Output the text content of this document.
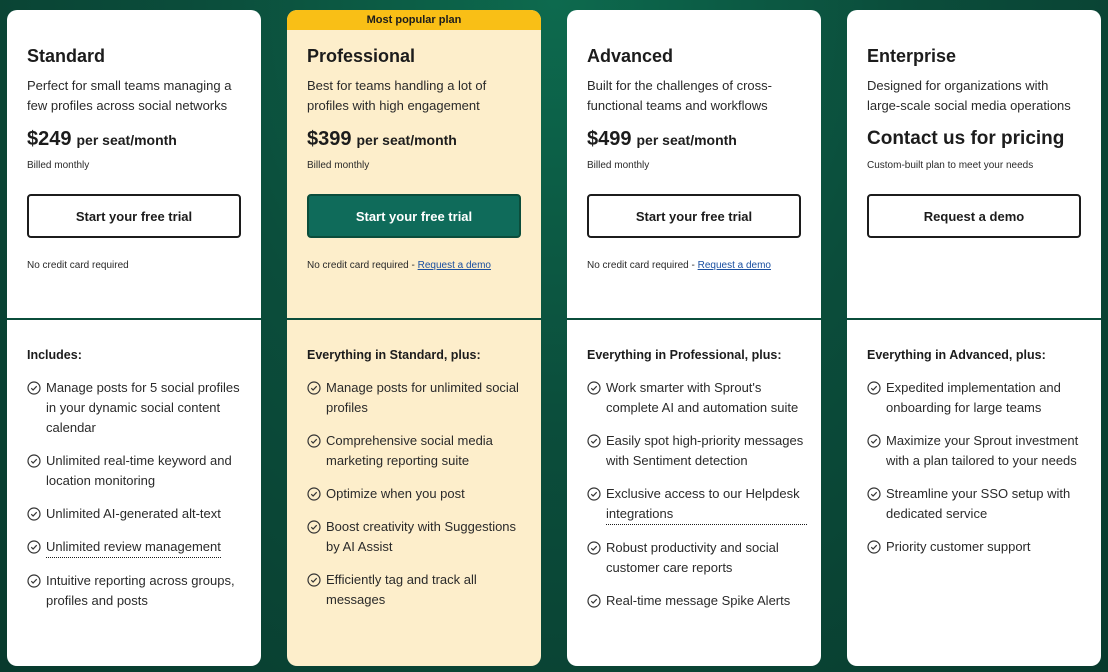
Standard
Perfect for small teams managing a few profiles across social networks
$249 per seat/month
Billed monthly
Start your free trial
No credit card required
Includes:
Manage posts for 5 social profiles in your dynamic social content calendar
Unlimited real-time keyword and location monitoring
Unlimited AI-generated alt-text
Unlimited review management
Intuitive reporting across groups, profiles and posts
Most popular plan
Professional
Best for teams handling a lot of profiles with high engagement
$399 per seat/month
Billed monthly
Start your free trial
No credit card required - Request a demo
Everything in Standard, plus:
Manage posts for unlimited social profiles
Comprehensive social media marketing reporting suite
Optimize when you post
Boost creativity with Suggestions by AI Assist
Efficiently tag and track all messages
Advanced
Built for the challenges of cross-functional teams and workflows
$499 per seat/month
Billed monthly
Start your free trial
No credit card required - Request a demo
Everything in Professional, plus:
Work smarter with Sprout's complete AI and automation suite
Easily spot high-priority messages with Sentiment detection
Exclusive access to our Helpdesk integrations
Robust productivity and social customer care reports
Real-time message Spike Alerts
Enterprise
Designed for organizations with large-scale social media operations
Contact us for pricing
Custom-built plan to meet your needs
Request a demo
Everything in Advanced, plus:
Expedited implementation and onboarding for large teams
Maximize your Sprout investment with a plan tailored to your needs
Streamline your SSO setup with dedicated service
Priority customer support
